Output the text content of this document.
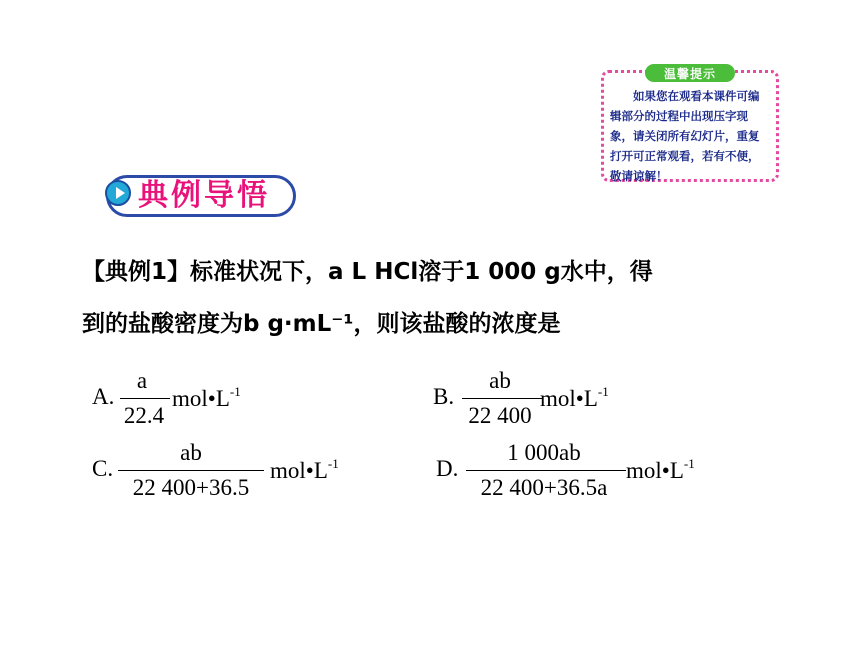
温馨提示
如果您在观看本课件可编辑部分的过程中出现压字现象，请关闭所有幻灯片，重复打开可正常观看，若有不便，敬请谅解！
典例导悟
【典例1】标准状况下，a L HCl溶于1 000 g水中，得
到的盐酸密度为b g·mL⁻¹，则该盐酸的浓度是
A.
a
22.4
$mol•L^{-1}$	B.
ab
22 400
$mol•L^{-1}$
C.
ab
22 400+36.5
$mol•L^{-1}$	D.
1 000ab
22 400+36.5a
$mol•L^{-1}$
